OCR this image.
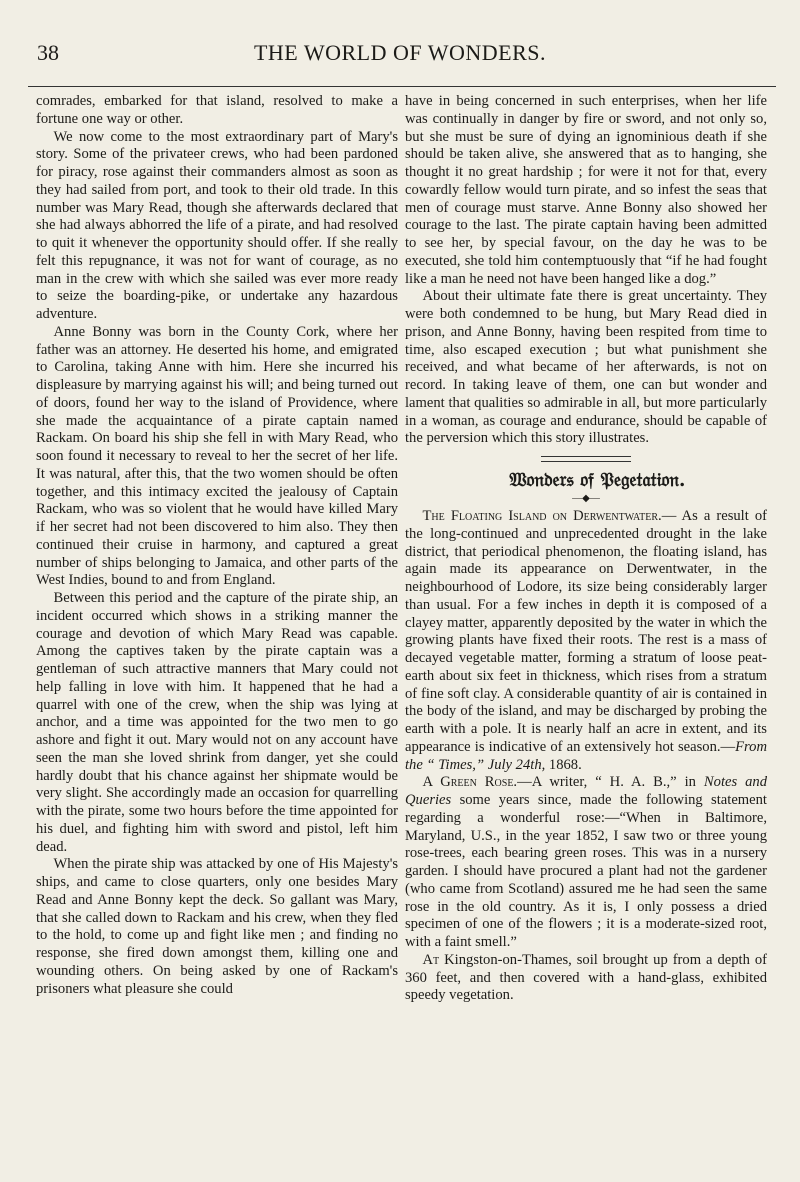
38	THE WORLD OF WONDERS.

comrades, embarked for that island, resolved to make a fortune one way or other.

We now come to the most extraordinary part of Mary's story. Some of the privateer crews, who had been pardoned for piracy, rose against their commanders almost as soon as they had sailed from port, and took to their old trade. In this number was Mary Read, though she afterwards declared that she had always abhorred the life of a pirate, and had resolved to quit it whenever the opportunity should offer. If she really felt this repugnance, it was not for want of courage, as no man in the crew with which she sailed was ever more ready to seize the boarding-pike, or undertake any hazardous adventure.

Anne Bonny was born in the County Cork, where her father was an attorney. He deserted his home, and emigrated to Carolina, taking Anne with him. Here she incurred his displeasure by marrying against his will; and being turned out of doors, found her way to the island of Providence, where she made the acquaintance of a pirate captain named Rackam. On board his ship she fell in with Mary Read, who soon found it necessary to reveal to her the secret of her life. It was natural, after this, that the two women should be often together, and this intimacy excited the jealousy of Captain Rackam, who was so violent that he would have killed Mary if her secret had not been discovered to him also. They then continued their cruise in harmony, and captured a great number of ships belonging to Jamaica, and other parts of the West Indies, bound to and from England.

Between this period and the capture of the pirate ship, an incident occurred which shows in a striking manner the courage and devotion of which Mary Read was capable. Among the captives taken by the pirate captain was a gentleman of such attractive manners that Mary could not help falling in love with him. It happened that he had a quarrel with one of the crew, when the ship was lying at anchor, and a time was appointed for the two men to go ashore and fight it out. Mary would not on any account have seen the man she loved shrink from danger, yet she could hardly doubt that his chance against her shipmate would be very slight. She accordingly made an occasion for quarrelling with the pirate, some two hours before the time appointed for his duel, and fighting him with sword and pistol, left him dead.

When the pirate ship was attacked by one of His Majesty's ships, and came to close quarters, only one besides Mary Read and Anne Bonny kept the deck. So gallant was Mary, that she called down to Rackam and his crew, when they fled to the hold, to come up and fight like men ; and finding no response, she fired down amongst them, killing one and wounding others. On being asked by one of Rackam's prisoners what pleasure she could

have in being concerned in such enterprises, when her life was continually in danger by fire or sword, and not only so, but she must be sure of dying an ignominious death if she should be taken alive, she answered that as to hanging, she thought it no great hardship ; for were it not for that, every cowardly fellow would turn pirate, and so infest the seas that men of courage must starve. Anne Bonny also showed her courage to the last. The pirate captain having been admitted to see her, by special favour, on the day he was to be executed, she told him contemptuously that “if he had fought like a man he need not have been hanged like a dog.”

About their ultimate fate there is great uncertainty. They were both condemned to be hung, but Mary Read died in prison, and Anne Bonny, having been respited from time to time, also escaped execution ; but what punishment she received, and what became of her afterwards, is not on record. In taking leave of them, one can but wonder and lament that qualities so admirable in all, but more particularly in a woman, as courage and endurance, should be capable of the perversion which this story illustrates.

𝔚𝔬𝔫𝔡𝔢𝔯𝔰 𝔬𝔣 𝔓𝔢𝔤𝔢𝔱𝔞𝔱𝔦𝔬𝔫.

—◆—

The Floating Island on Derwentwater.— As a result of the long-continued and unprecedented drought in the lake district, that periodical phenomenon, the floating island, has again made its appearance on Derwentwater, in the neighbourhood of Lodore, its size being considerably larger than usual. For a few inches in depth it is composed of a clayey matter, apparently deposited by the water in which the growing plants have fixed their roots. The rest is a mass of decayed vegetable matter, forming a stratum of loose peat-earth about six feet in thickness, which rises from a stratum of fine soft clay. A considerable quantity of air is contained in the body of the island, and may be discharged by probing the earth with a pole. It is nearly half an acre in extent, and its appearance is indicative of an extensively hot season.—From the “ Times,” July 24th, 1868.

A Green Rose.—A writer, “ H. A. B.,” in Notes and Queries some years since, made the following statement regarding a wonderful rose:—“When in Baltimore, Maryland, U.S., in the year 1852, I saw two or three young rose-trees, each bearing green roses. This was in a nursery garden. I should have procured a plant had not the gardener (who came from Scotland) assured me he had seen the same rose in the old country. As it is, I only possess a dried specimen of one of the flowers ; it is a moderate-sized root, with a faint smell.”

At Kingston-on-Thames, soil brought up from a depth of 360 feet, and then covered with a hand-glass, exhibited speedy vegetation.
